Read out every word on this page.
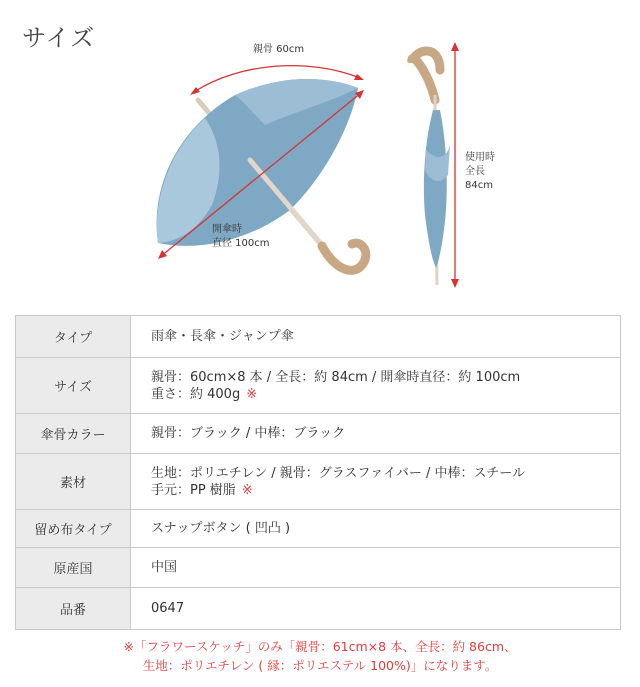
サイズ	親骨 60cm
開傘時
直径 100cm
使用時
全長
84cm
タイプ	雨傘・長傘・ジャンプ傘
サイズ	親骨：60cm×8 本 / 全長：約 84cm / 開傘時直径：約 100cm
重さ：約 400g ※

傘骨カラー	親骨：ブラック / 中棒：ブラック
素材	生地：ポリエチレン / 親骨：グラスファイバー / 中棒：スチール
手元：PP 樹脂 ※

留め布タイプ	スナップボタン ( 凹凸 )
原産国	中国
品番	0647
※「フラワースケッチ」のみ「親骨：61cm×8 本、全長：約 86cm、
生地：ポリエチレン ( 縁：ポリエステル 100%)」になります。
